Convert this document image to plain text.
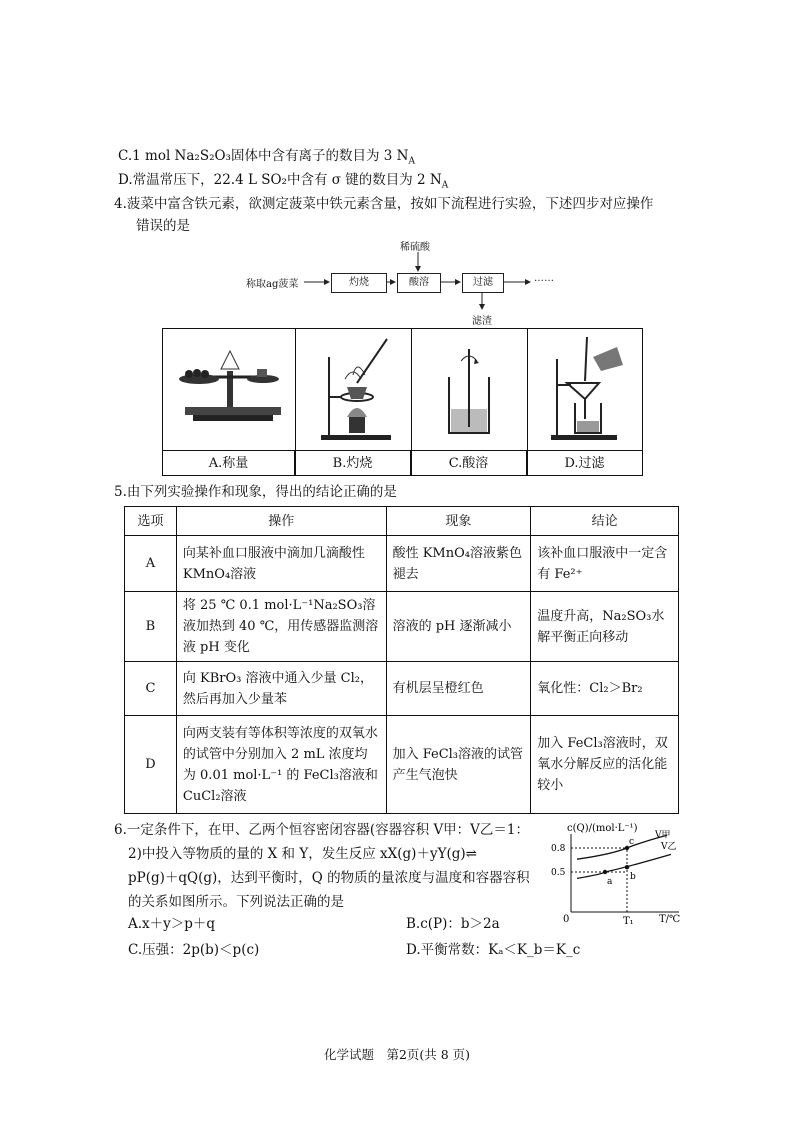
C.1 mol Na₂S₂O₃固体中含有离子的数目为 3 $N_A$
D.常温常压下，22.4 L SO₂中含有 σ 键的数目为 2 $N_A$
4.菠菜中富含铁元素，欲测定菠菜中铁元素含量，按如下流程进行实验，下述四步对应操作
错误的是
称取ag菠菜	灼烧	酸溶	过滤
稀硫酸
滤渣
……
A.称量	B.灼烧	C.酸溶	D.过滤
5.由下列实验操作和现象，得出的结论正确的是
选项	操作	现象	结论
A	向某补血口服液中滴加几滴酸性 KMnO₄溶液	酸性 KMnO₄溶液紫色褪去	该补血口服液中一定含有 Fe²⁺
B	将 25 ℃ 0.1 mol·L⁻¹Na₂SO₃溶液加热到 40 ℃，用传感器监测溶液 pH 变化	溶液的 pH 逐渐减小	温度升高，Na₂SO₃水解平衡正向移动
C	向 KBrO₃ 溶液中通入少量 Cl₂，然后再加入少量苯	有机层呈橙红色	氧化性：Cl₂＞Br₂
D	向两支装有等体积等浓度的双氧水的试管中分别加入 2 mL 浓度均为 0.01 mol·L⁻¹ 的 FeCl₃溶液和 CuCl₂溶液	加入 FeCl₃溶液的试管产生气泡快	加入 FeCl₃溶液时，双氧水分解反应的活化能较小
6.一定条件下，在甲、乙两个恒容密闭容器(容器容积 V甲：V乙＝1：
2)中投入等物质的量的 X 和 Y，发生反应 xX(g)＋yY(g)⇌
pP(g)＋qQ(g)，达到平衡时，Q 的物质的量浓度与温度和容器容积
的关系如图所示。下列说法正确的是
A.x＋y＞p＋q	B.c(P)：b＞2a
C.压强：2p(b)＜p(c)	D.平衡常数：Kₐ＜K_b＝K_c
c(Q)/(mol·L⁻¹)
T/℃
0	T₁
0.5
0.8
V甲
V乙
c
a b
化学试题　第2页(共 8 页)
